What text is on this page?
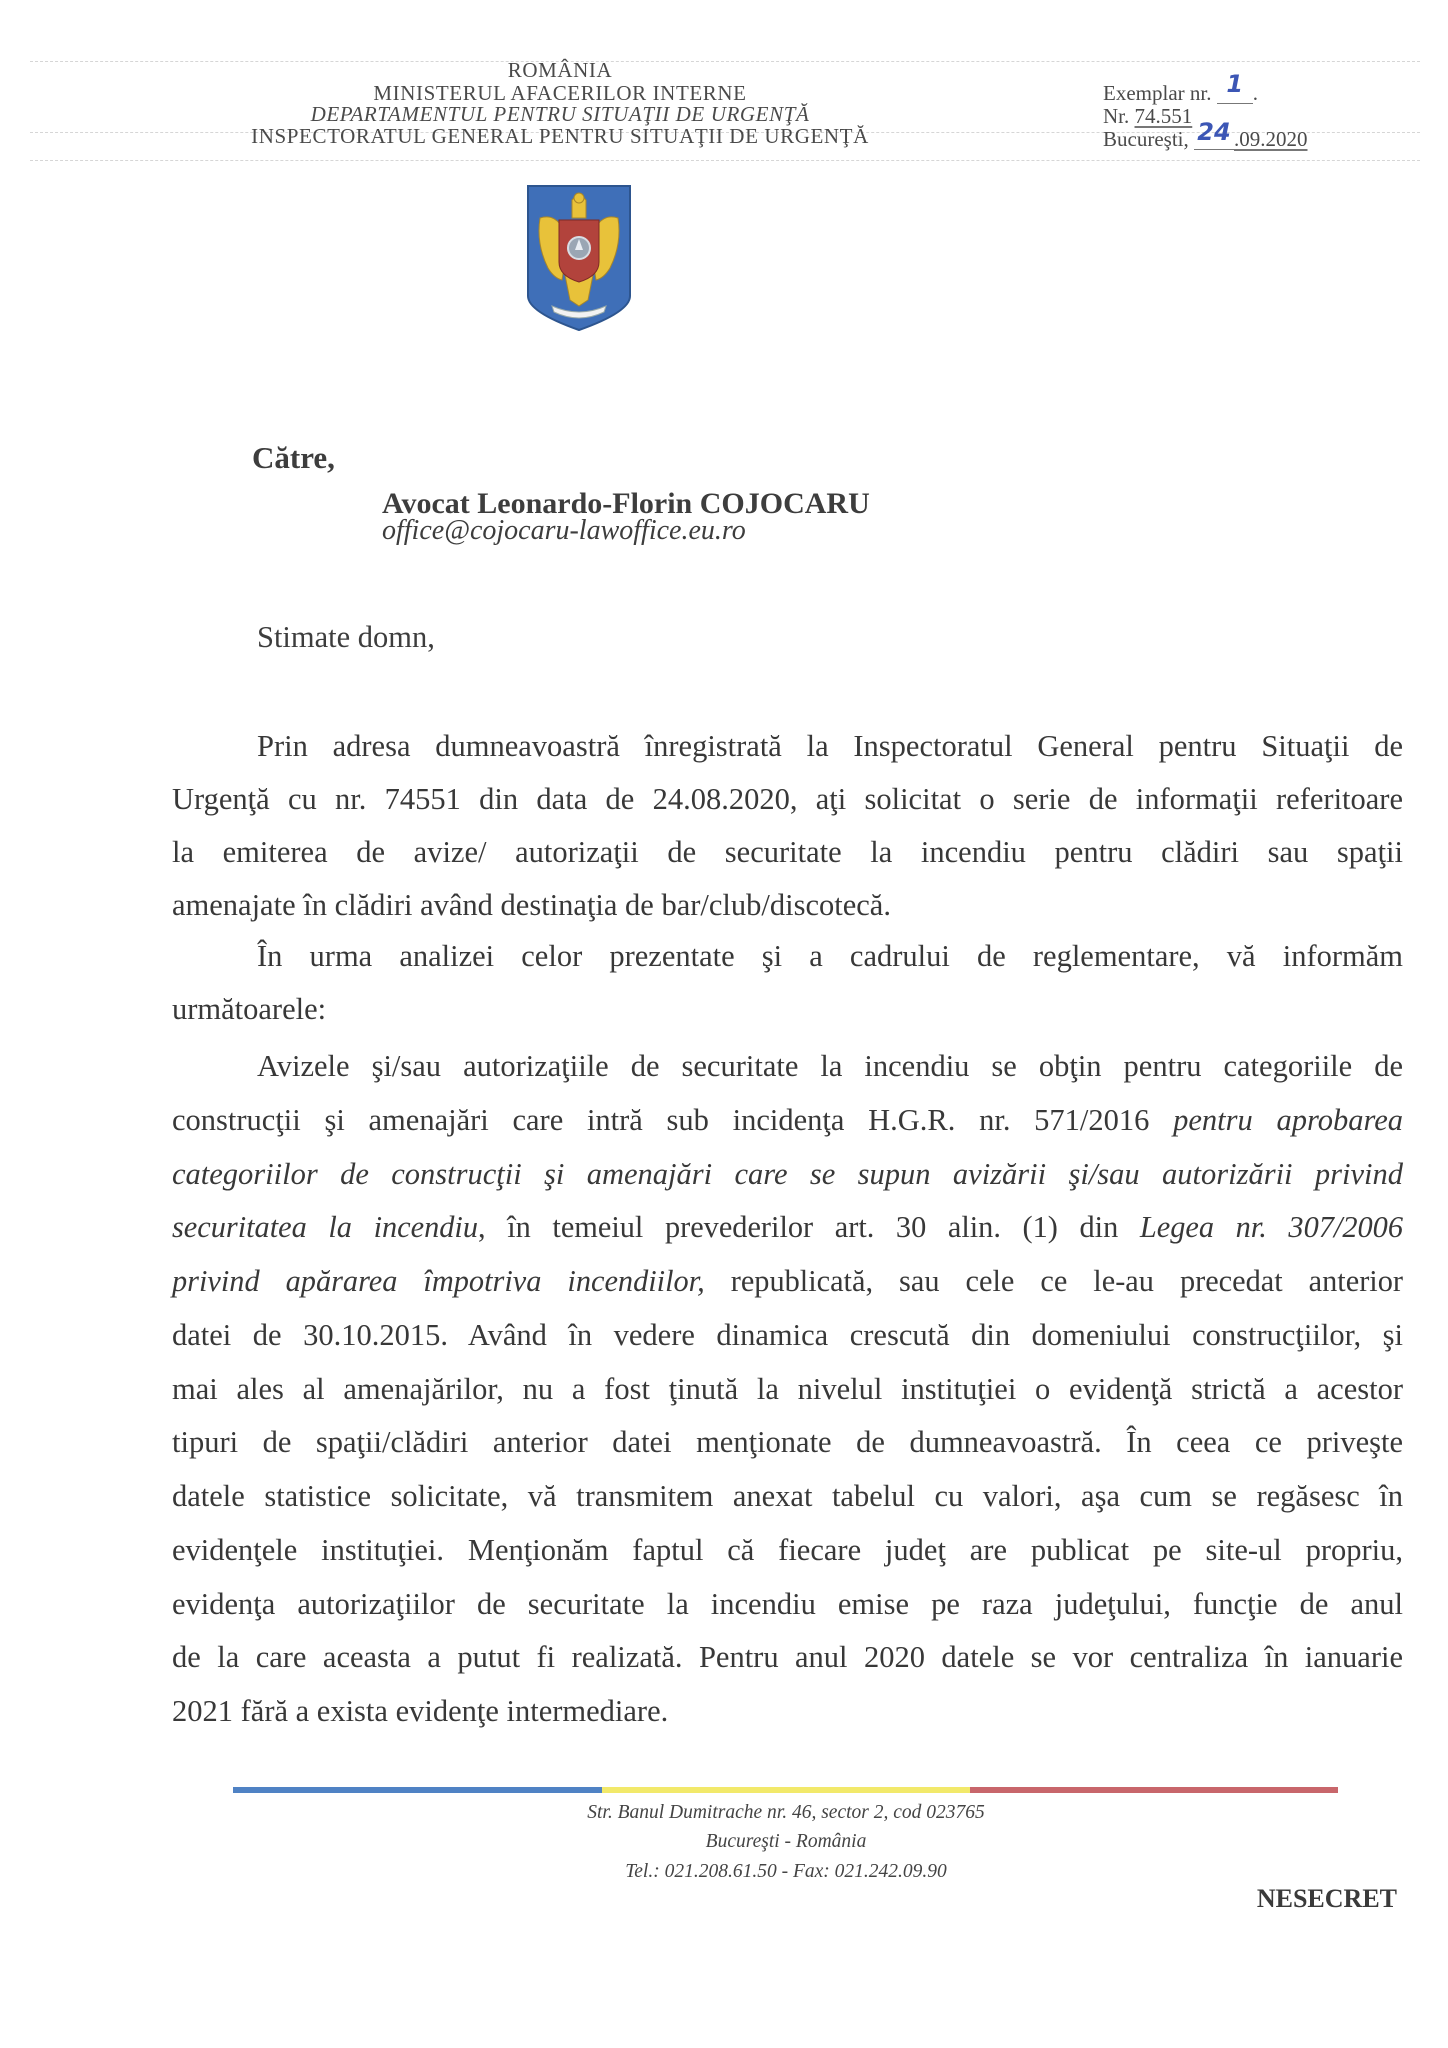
ROMÂNIA
MINISTERUL AFACERILOR INTERNE
DEPARTAMENTUL PENTRU SITUAŢII DE URGENŢĂ
INSPECTORATUL GENERAL PENTRU SITUAŢII DE URGENŢĂ
Exemplar nr. 1 .
Nr. 74.551
Bucureşti, 24 .09.2020
Către,
Avocat Leonardo-Florin COJOCARU
office@cojocaru-lawoffice.eu.ro
Stimate domn,
Prin adresa dumneavoastră înregistrată la Inspectoratul General pentru Situaţii de
Urgenţă cu nr. 74551 din data de 24.08.2020, aţi solicitat o serie de informaţii referitoare
la emiterea de avize/ autorizaţii de securitate la incendiu pentru clădiri sau spaţii
amenajate în clădiri având destinaţia de bar/club/discotecă.
În urma analizei celor prezentate şi a cadrului de reglementare, vă informăm
următoarele:
Avizele şi/sau autorizaţiile de securitate la incendiu se obţin pentru categoriile de
construcţii şi amenajări care intră sub incidenţa H.G.R. nr. 571/2016 pentru aprobarea
categoriilor de construcţii şi amenajări care se supun avizării şi/sau autorizării privind
securitatea la incendiu, în temeiul prevederilor art. 30 alin. (1) din Legea nr. 307/2006
privind apărarea împotriva incendiilor, republicată, sau cele ce le-au precedat anterior
datei de 30.10.2015. Având în vedere dinamica crescută din domeniului construcţiilor, şi
mai ales al amenajărilor, nu a fost ţinută la nivelul instituţiei o evidenţă strictă a acestor
tipuri de spaţii/clădiri anterior datei menţionate de dumneavoastră. În ceea ce priveşte
datele statistice solicitate, vă transmitem anexat tabelul cu valori, aşa cum se regăsesc în
evidenţele instituţiei. Menţionăm faptul că fiecare judeţ are publicat pe site-ul propriu,
evidenţa autorizaţiilor de securitate la incendiu emise pe raza judeţului, funcţie de anul
de la care aceasta a putut fi realizată. Pentru anul 2020 datele se vor centraliza în ianuarie
2021 fără a exista evidenţe intermediare.
Str. Banul Dumitrache nr. 46, sector 2, cod 023765
Bucureşti - România
Tel.: 021.208.61.50 - Fax: 021.242.09.90
NESECRET
